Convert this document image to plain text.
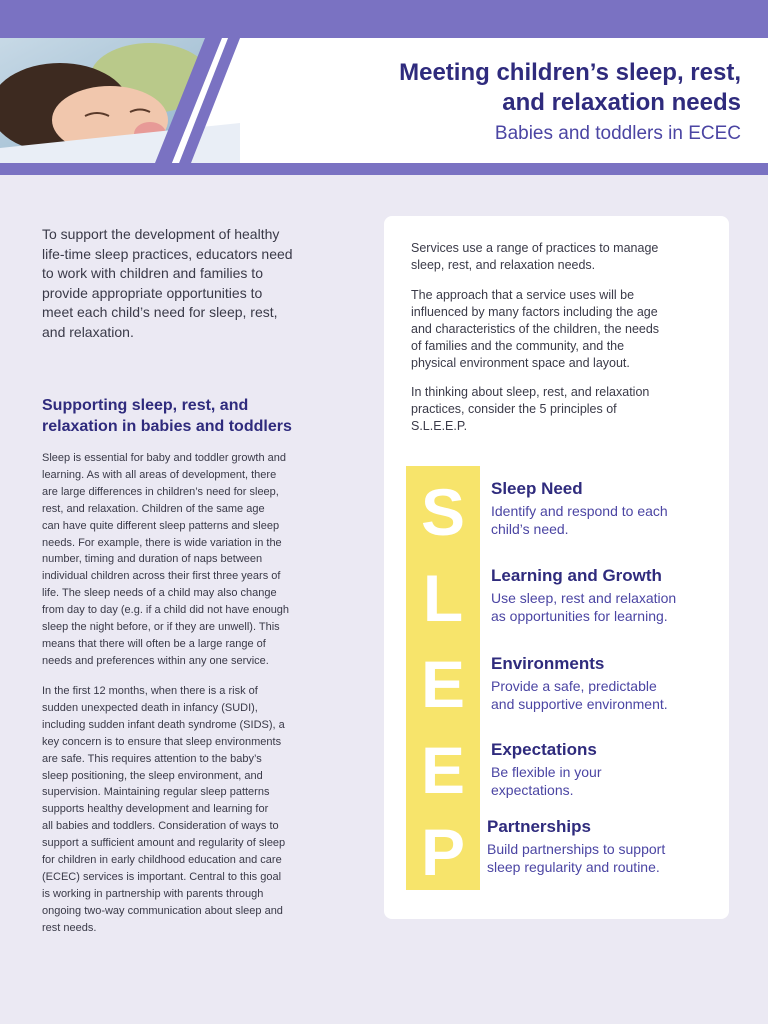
Meeting children’s sleep, rest,
and relaxation needs
Babies and toddlers in ECEC
To support the development of healthy
life-time sleep practices, educators need
to work with children and families to
provide appropriate opportunities to
meet each child’s need for sleep, rest,
and relaxation.
Supporting sleep, rest, and
relaxation in babies and toddlers
Sleep is essential for baby and toddler growth and
learning. As with all areas of development, there
are large differences in children’s need for sleep,
rest, and relaxation. Children of the same age
can have quite different sleep patterns and sleep
needs. For example, there is wide variation in the
number, timing and duration of naps between
individual children across their first three years of
life. The sleep needs of a child may also change
from day to day (e.g. if a child did not have enough
sleep the night before, or if they are unwell). This
means that there will often be a large range of
needs and preferences within any one service.
In the first 12 months, when there is a risk of
sudden unexpected death in infancy (SUDI),
including sudden infant death syndrome (SIDS), a
key concern is to ensure that sleep environments
are safe. This requires attention to the baby’s
sleep positioning, the sleep environment, and
supervision. Maintaining regular sleep patterns
supports healthy development and learning for
all babies and toddlers. Consideration of ways to
support a sufficient amount and regularity of sleep
for children in early childhood education and care
(ECEC) services is important. Central to this goal
is working in partnership with parents through
ongoing two-way communication about sleep and
rest needs.
Services use a range of practices to manage
sleep, rest, and relaxation needs.
The approach that a service uses will be
influenced by many factors including the age
and characteristics of the children, the needs
of families and the community, and the
physical environment space and layout.
In thinking about sleep, rest, and relaxation
practices, consider the 5 principles of
S.L.E.E.P.
S
L
E
E
P
Sleep Need
Identify and respond to each
child’s need.
Learning and Growth
Use sleep, rest and relaxation
as opportunities for learning.
Environments
Provide a safe, predictable
and supportive environment.
Expectations
Be flexible in your
expectations.
Partnerships
Build partnerships to support
sleep regularity and routine.
